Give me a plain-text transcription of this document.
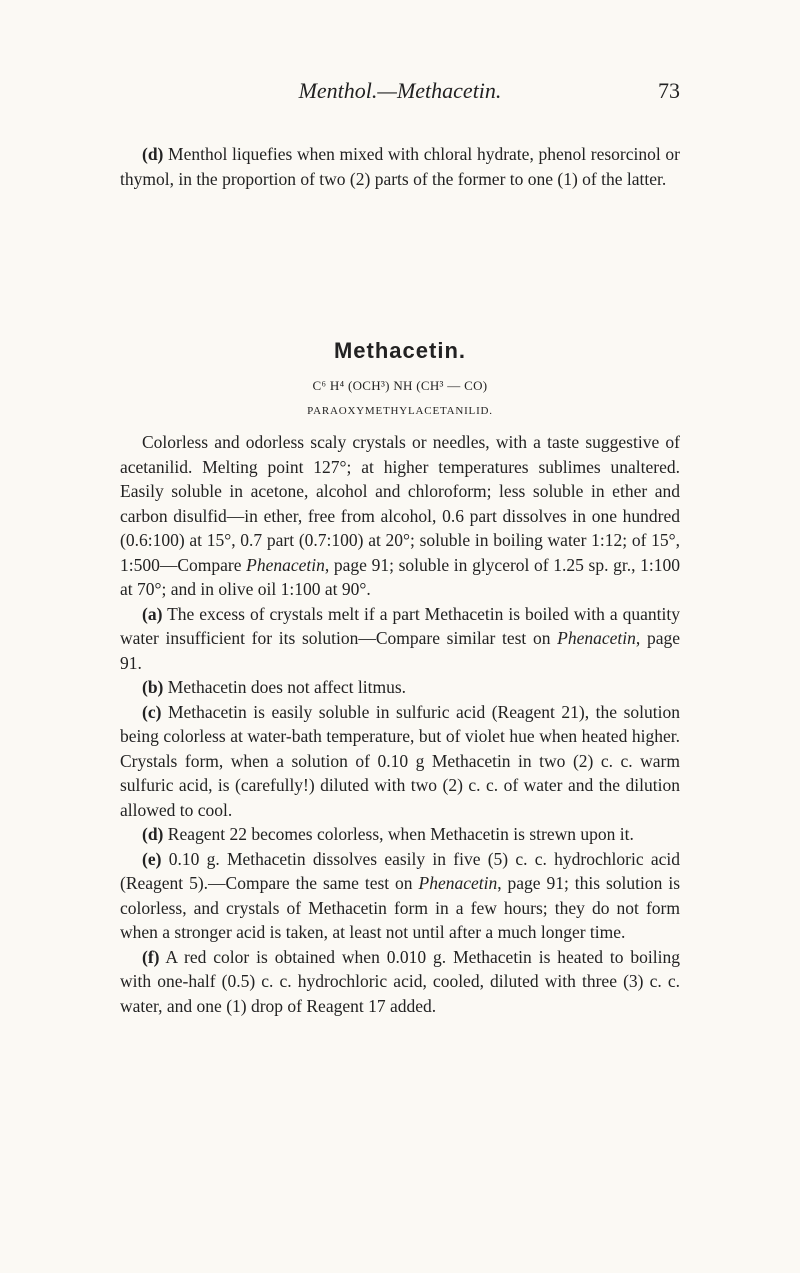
Menthol.—Methacetin.	73

(d) Menthol liquefies when mixed with chloral hydrate, phenol resorcinol or thymol, in the proportion of two (2) parts of the former to one (1) of the latter.

Methacetin.
C⁶ H⁴ (OCH³) NH (CH³ — CO)
PARAOXYMETHYLACETANILID.

Colorless and odorless scaly crystals or needles, with a taste suggestive of acetanilid. Melting point 127°; at higher temperatures sublimes unaltered. Easily soluble in acetone, alcohol and chloroform; less soluble in ether and carbon disulfid—in ether, free from alcohol, 0.6 part dissolves in one hundred (0.6:100) at 15°, 0.7 part (0.7:100) at 20°; soluble in boiling water 1:12; of 15°, 1:500—Compare Phenacetin, page 91; soluble in glycerol of 1.25 sp. gr., 1:100 at 70°; and in olive oil 1:100 at 90°.

(a) The excess of crystals melt if a part Methacetin is boiled with a quantity water insufficient for its solution—Compare similar test on Phenacetin, page 91.

(b) Methacetin does not affect litmus.

(c) Methacetin is easily soluble in sulfuric acid (Reagent 21), the solution being colorless at water-bath temperature, but of violet hue when heated higher. Crystals form, when a solution of 0.10 g Methacetin in two (2) c. c. warm sulfuric acid, is (carefully!) diluted with two (2) c. c. of water and the dilution allowed to cool.

(d) Reagent 22 becomes colorless, when Methacetin is strewn upon it.

(e) 0.10 g. Methacetin dissolves easily in five (5) c. c. hydrochloric acid (Reagent 5).—Compare the same test on Phenacetin, page 91; this solution is colorless, and crystals of Methacetin form in a few hours; they do not form when a stronger acid is taken, at least not until after a much longer time.

(f) A red color is obtained when 0.010 g. Methacetin is heated to boiling with one-half (0.5) c. c. hydrochloric acid, cooled, diluted with three (3) c. c. water, and one (1) drop of Reagent 17 added.
